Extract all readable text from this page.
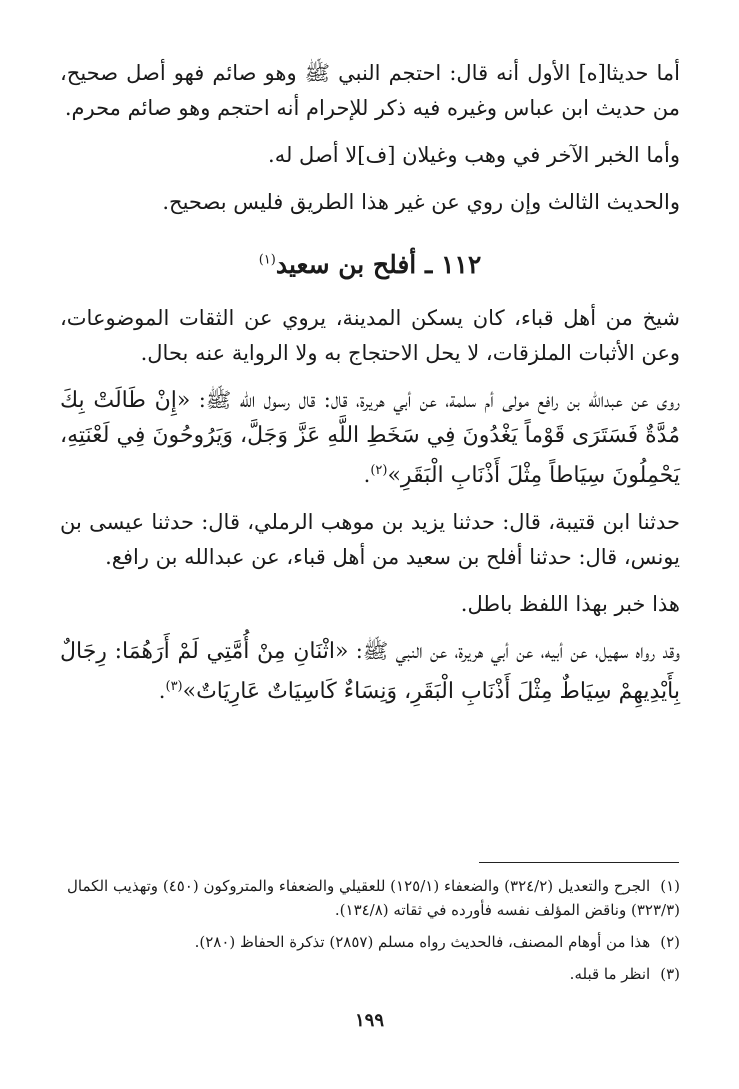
أما حديثا[ه] الأول أنه قال: احتجم النبي ﷺ وهو صائم فهو أصل صحيح، من حديث ابن عباس وغيره فيه ذكر للإحرام أنه احتجم وهو صائم محرم.

وأما الخبر الآخر في وهب وغيلان [ف]لا أصل له.

والحديث الثالث وإن روي عن غير هذا الطريق فليس بصحيح.

١١٢ ـ أفلح بن سعيد$^{(١)}$

شيخ من أهل قباء، كان يسكن المدينة، يروي عن الثقات الموضوعات، وعن الأثبات الملزقات، لا يحل الاحتجاج به ولا الرواية عنه بحال.

روى عن عبدالله بن رافع مولى أم سلمة، عن أبي هريرة، قال: قال رسول الله ﷺ: «إِنْ طَالَتْ بِكَ مُدَّةٌ فَسَتَرَى قَوْماً يَغْدُونَ فِي سَخَطِ اللَّهِ عَزَّ وَجَلَّ، وَيَرُوحُونَ فِي لَعْنَتِهِ، يَحْمِلُونَ سِيَاطاً مِثْلَ أَذْنَابِ الْبَقَرِ»$^{(٢)}$.

حدثنا ابن قتيبة، قال: حدثنا يزيد بن موهب الرملي، قال: حدثنا عيسى بن يونس، قال: حدثنا أفلح بن سعيد من أهل قباء، عن عبدالله بن رافع.

هذا خبر بهذا اللفظ باطل.

وقد رواه سهيل، عن أبيه، عن أبي هريرة، عن النبي ﷺ: «اثْنَانِ مِنْ أُمَّتِي لَمْ أَرَهُمَا: رِجَالٌ بِأَيْدِيهِمْ سِيَاطٌ مِثْلَ أَذْنَابِ الْبَقَرِ، وَنِسَاءٌ كَاسِيَاتٌ عَارِيَاتٌ»$^{(٣)}$.

(١)الجرح والتعديل (٣٢٤/٢) والضعفاء (١٢٥/١) للعقيلي والضعفاء والمتروكون (٤٥٠) وتهذيب الكمال (٣٢٣/٣) وناقض المؤلف نفسه فأورده في ثقاته (١٣٤/٨).

(٢)هذا من أوهام المصنف، فالحديث رواه مسلم (٢٨٥٧) تذكرة الحفاظ (٢٨٠).

(٣)انظر ما قبله.

١٩٩
